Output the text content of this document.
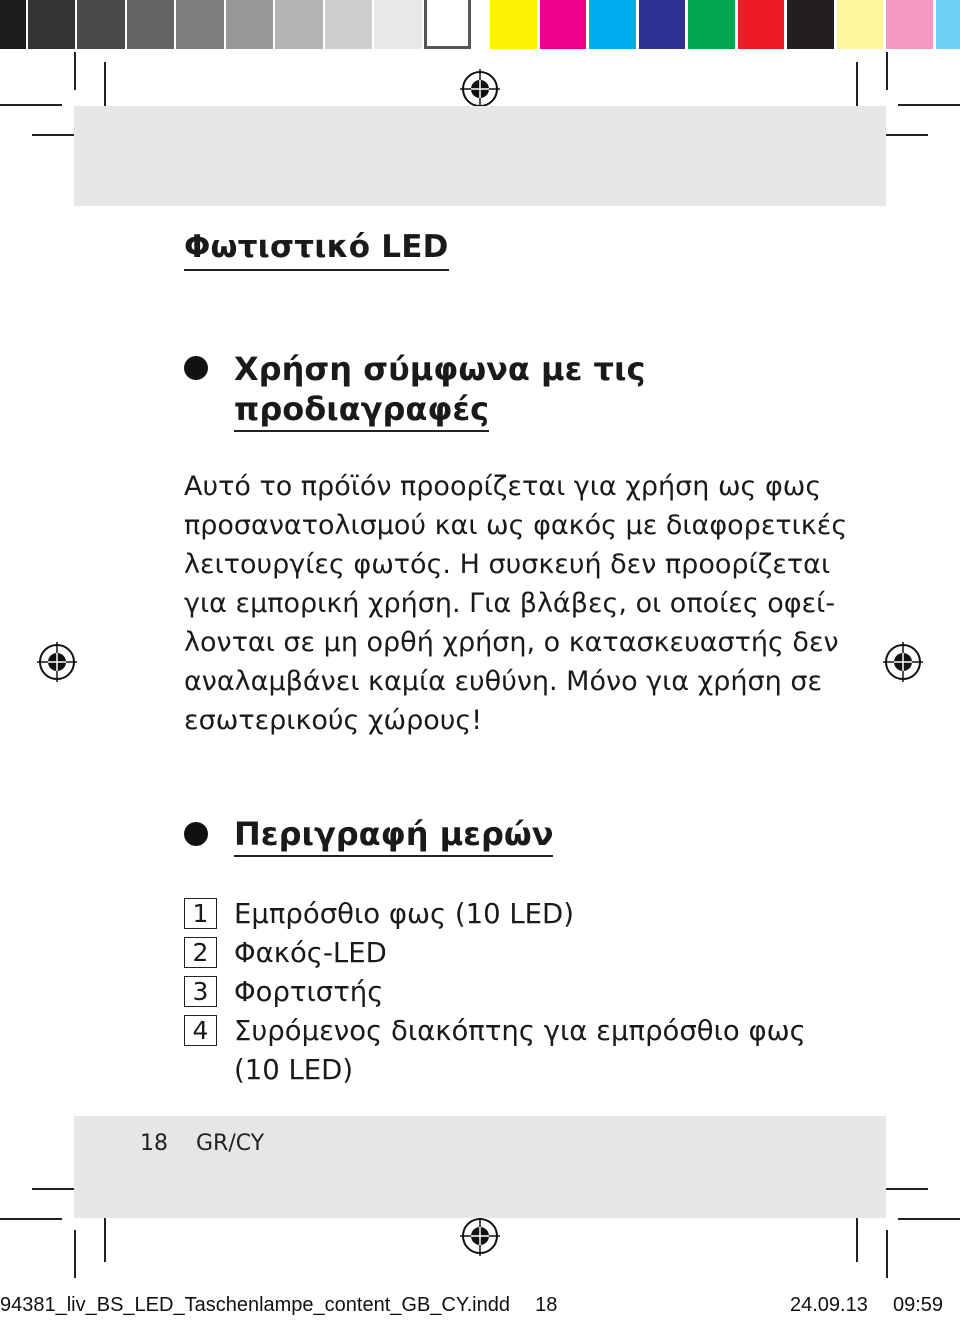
Φωτιστικό LED
Χρήση σύμφωνα με τις
προδιαγραφές
Αυτό το πρόϊόν προορίζεται για χρήση ως φως
προσανατολισμού και ως φακός με διαφορετικές
λειτουργίες φωτός. Η συσκευή δεν προορίζεται
για εμπορική χρήση. Για βλάβες, οι οποίες οφεί-
λονται σε μη ορθή χρήση, ο κατασκευαστής δεν
αναλαμβάνει καμία ευθύνη. Μόνο για χρήση σε
εσωτερικούς χώρους!
Περιγραφή μερών
1 Εμπρόσθιο φως (10 LED)
2 Φακός-LED
3 Φορτιστής
4 Συρόμενος διακόπτης για εμπρόσθιο φως
(10 LED)
18 GR/CY
94381_liv_BS_LED_Taschenlampe_content_GB_CY.indd 18	24.09.13 09:59
